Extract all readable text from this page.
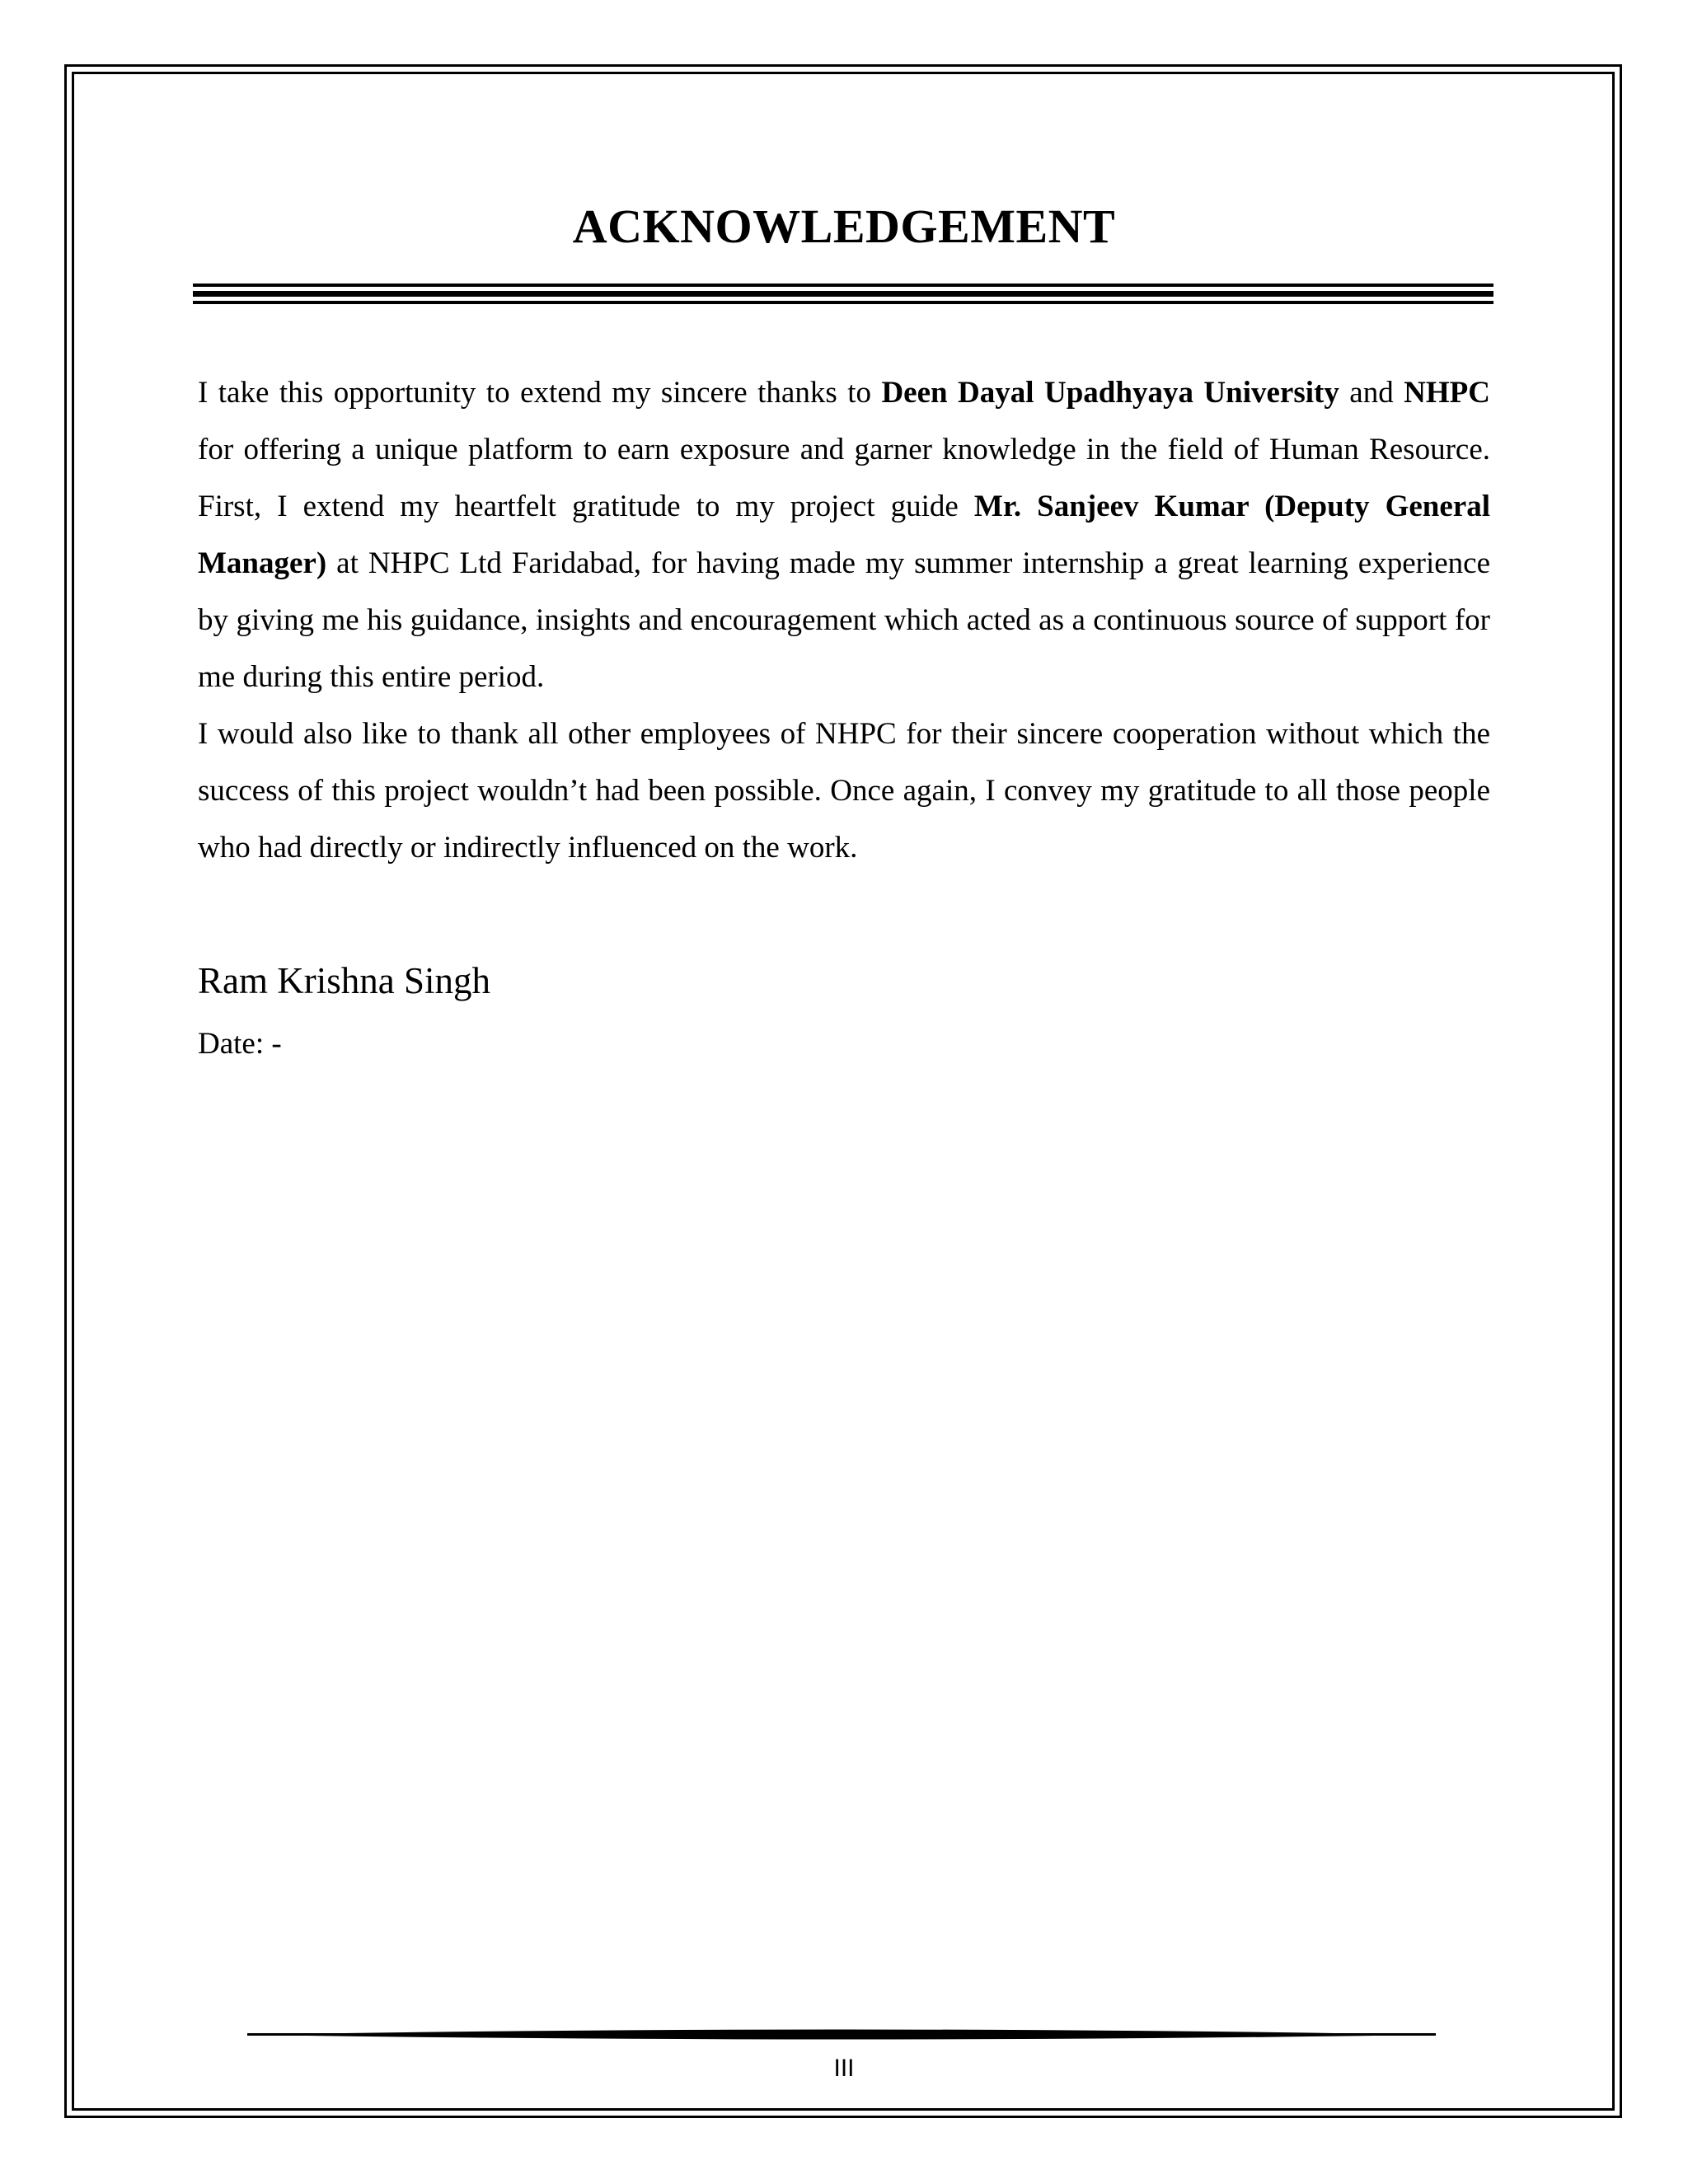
ACKNOWLEDGEMENT

I take this opportunity to extend my sincere thanks to Deen Dayal Upadhyaya University and NHPC for offering a unique platform to earn exposure and garner knowledge in the field of Human Resource. First, I extend my heartfelt gratitude to my project guide Mr. Sanjeev Kumar (Deputy General Manager) at NHPC Ltd Faridabad, for having made my summer internship a great learning experience by giving me his guidance, insights and encouragement which acted as a continuous source of support for me during this entire period.

I would also like to thank all other employees of NHPC for their sincere cooperation without which the success of this project wouldn’t had been possible. Once again, I convey my gratitude to all those people who had directly or indirectly influenced on the work.

Ram Krishna Singh

Date: -

III
